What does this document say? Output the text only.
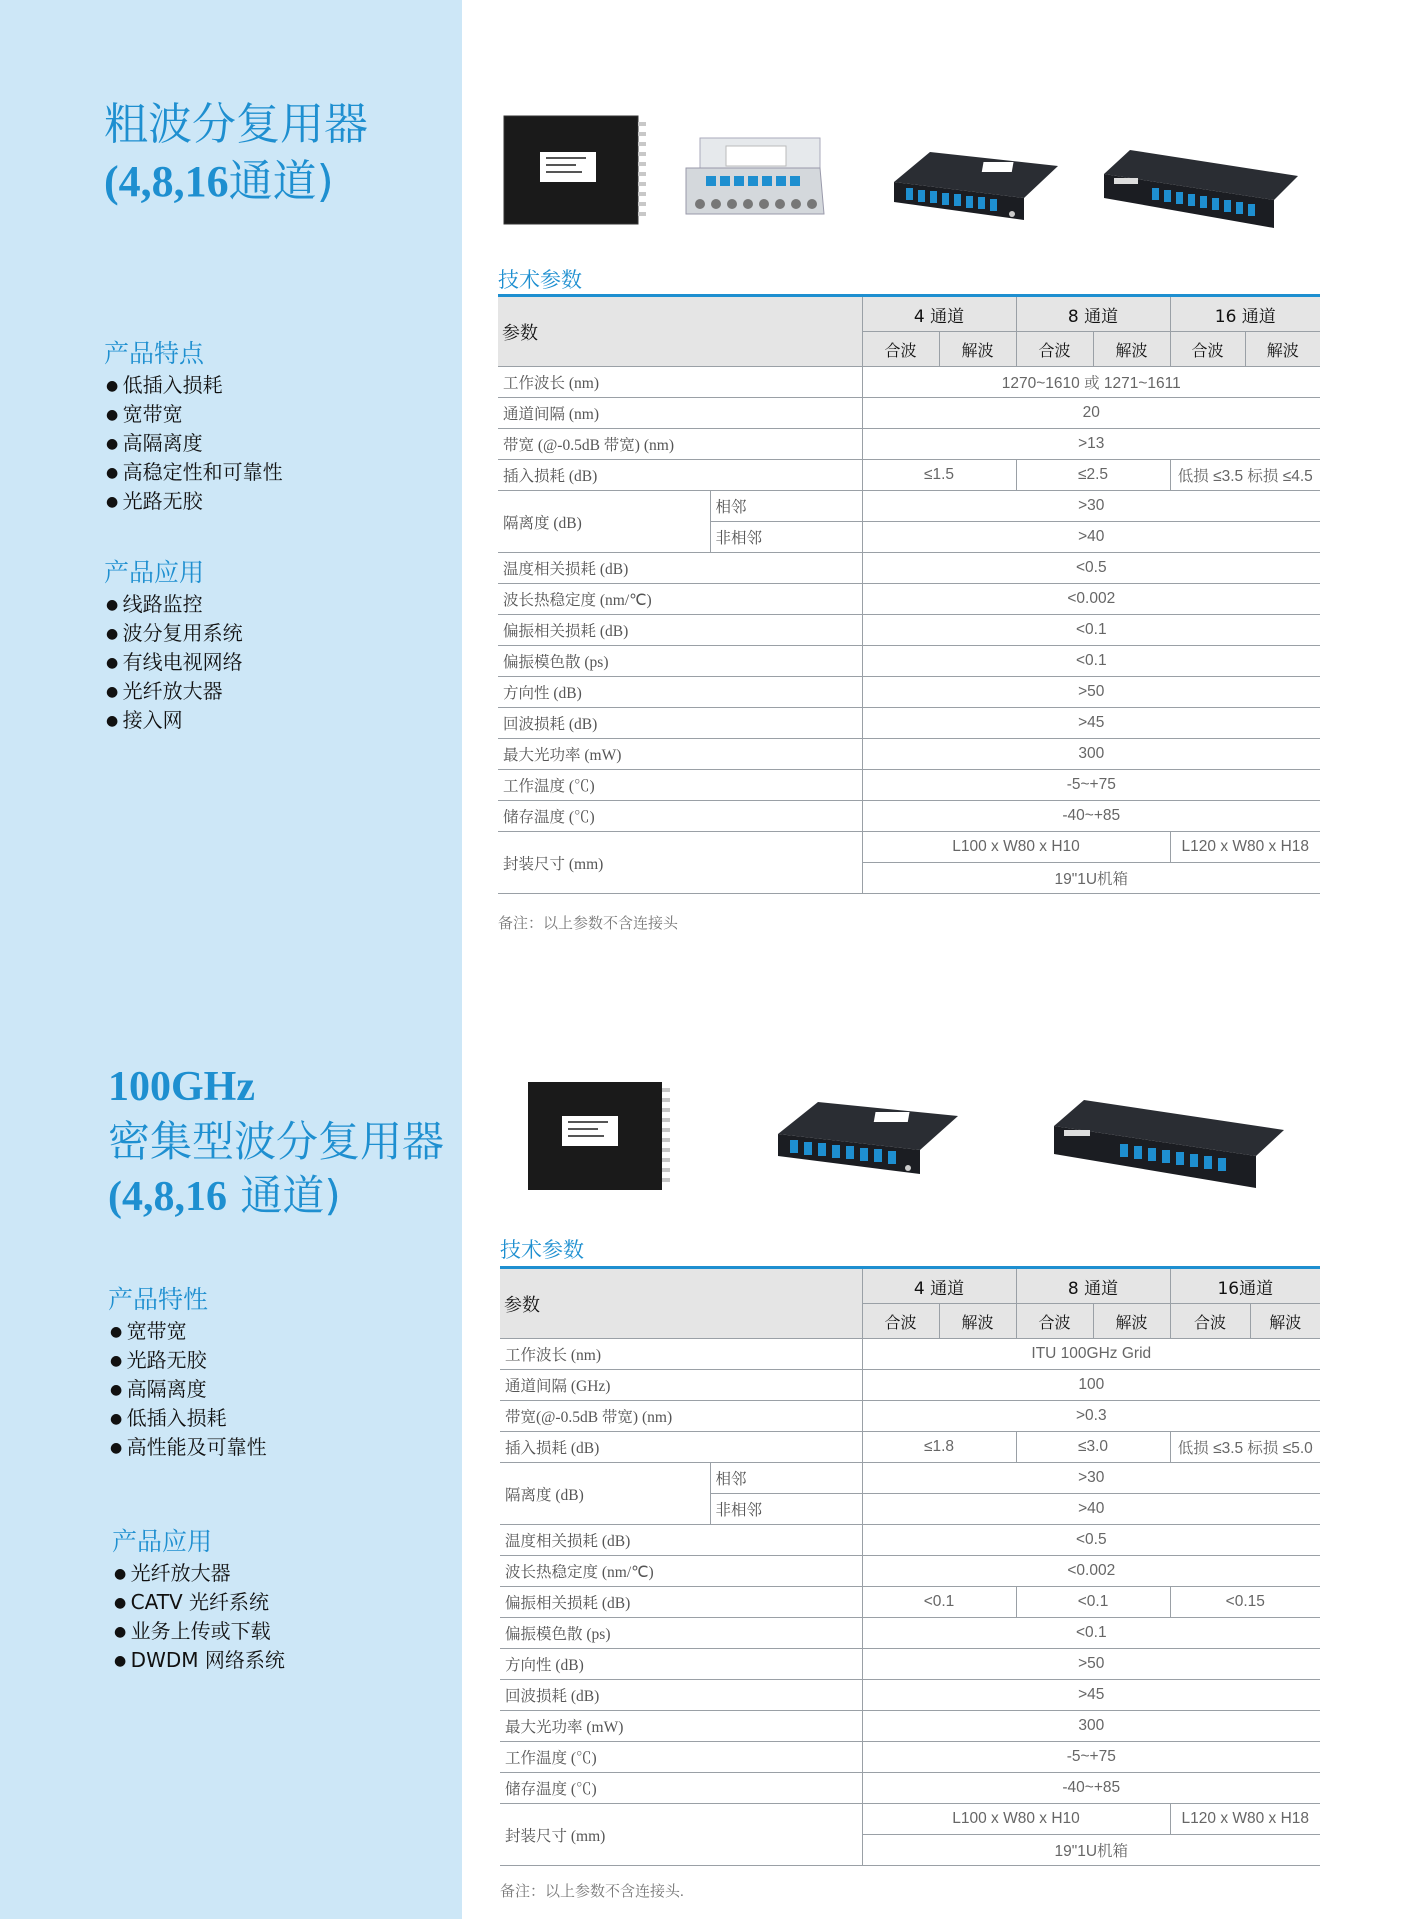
粗波分复用器
(4,8,16通道)
产品特点
● 低插入损耗
● 宽带宽
● 高隔离度
● 高稳定性和可靠性
● 光路无胶
产品应用
● 线路监控
● 波分复用系统
● 有线电视网络
● 光纤放大器
● 接入网
技术参数
参数		4 通道		8 通道		16 通道	
		合波	解波	合波	解波	合波	解波
工作波长 (nm)		1270~1610 或 1271~1611					
通道间隔 (nm)		20					
带宽 (@-0.5dB 带宽) (nm)		>13					
插入损耗 (dB)		≤1.5		≤2.5		低损 ≤3.5 标损 ≤4.5	
隔离度 (dB)	相邻	>30					
	非相邻	>40					
温度相关损耗 (dB)		<0.5					
波长热稳定度 (nm/℃)		<0.002					
偏振相关损耗 (dB)		<0.1					
偏振模色散 (ps)		<0.1					
方向性 (dB)		>50					
回波损耗 (dB)		>45					
最大光功率 (mW)		300					
工作温度 (℃)		-5~+75					
储存温度 (℃)		-40~+85					
封装尺寸 (mm)		L100 x W80 x H10				L120 x W80 x H18	
		19"1U机箱					
备注：以上参数不含连接头
100GHz
密集型波分复用器
(4,8,16 通道)
产品特性
● 宽带宽
● 光路无胶
● 高隔离度
● 低插入损耗
● 高性能及可靠性
产品应用
● 光纤放大器
● CATV 光纤系统
● 业务上传或下载
● DWDM 网络系统
技术参数
参数		4 通道		8 通道		16通道	
		合波	解波	合波	解波	合波	解波
工作波长 (nm)		ITU 100GHz Grid					
通道间隔 (GHz)		100					
带宽(@-0.5dB 带宽) (nm)		>0.3					
插入损耗 (dB)		≤1.8		≤3.0		低损 ≤3.5 标损 ≤5.0	
隔离度 (dB)	相邻	>30					
	非相邻	>40					
温度相关损耗 (dB)		<0.5					
波长热稳定度 (nm/℃)		<0.002					
偏振相关损耗 (dB)		<0.1		<0.1		<0.15	
偏振模色散 (ps)		<0.1					
方向性 (dB)		>50					
回波损耗 (dB)		>45					
最大光功率 (mW)		300					
工作温度 (℃)		-5~+75					
储存温度 (℃)		-40~+85					
封装尺寸 (mm)		L100 x W80 x H10				L120 x W80 x H18	
		19"1U机箱					
备注：以上参数不含连接头.
